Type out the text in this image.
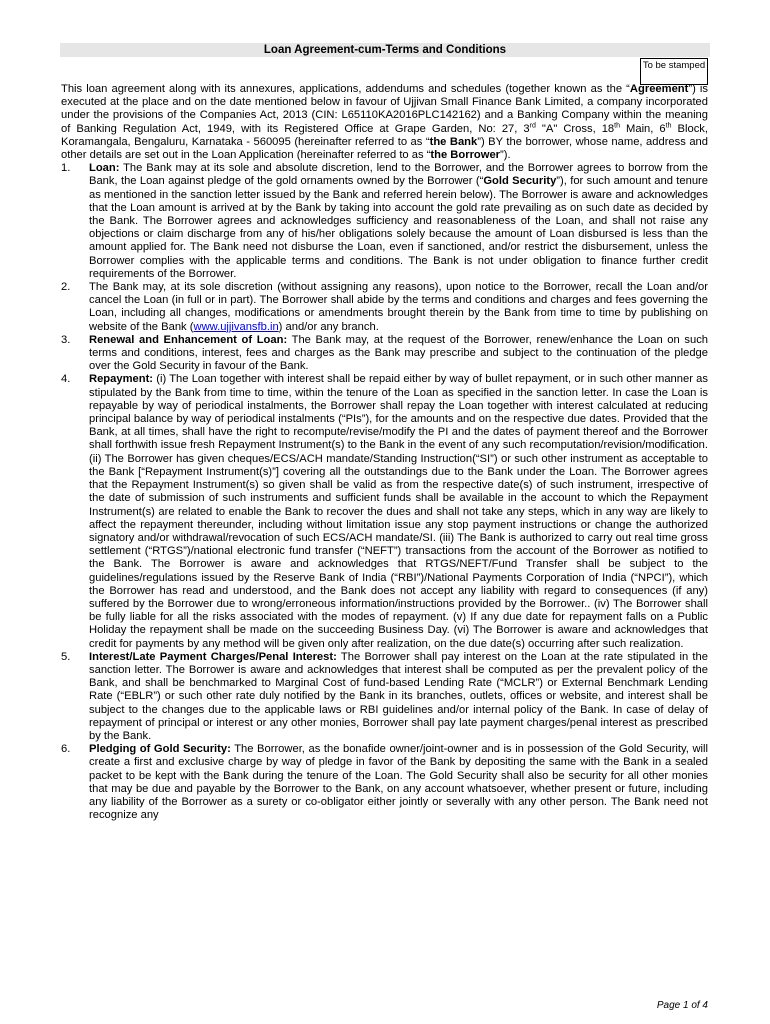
Loan Agreement-cum-Terms and Conditions
To be stamped

This loan agreement along with its annexures, applications, addendums and schedules (together known as the “Agreement”) is executed at the place and on the date mentioned below in favour of Ujjivan Small Finance Bank Limited, a company incorporated under the provisions of the Companies Act, 2013 (CIN: L65110KA2016PLC142162) and a Banking Company within the meaning of Banking Regulation Act, 1949, with its Registered Office at Grape Garden, No: 27, 3rd "A" Cross, 18th Main, 6th Block, Koramangala, Bengaluru, Karnataka - 560095 (hereinafter referred to as “the Bank”) BY the borrower, whose name, address and other details are set out in the Loan Application (hereinafter referred to as “the Borrower”).

1. Loan: The Bank may at its sole and absolute discretion, lend to the Borrower, and the Borrower agrees to borrow from the Bank, the Loan against pledge of the gold ornaments owned by the Borrower (“Gold Security”), for such amount and tenure as mentioned in the sanction letter issued by the Bank and referred herein below). The Borrower is aware and acknowledges that the Loan amount is arrived at by the Bank by taking into account the gold rate prevailing as on such date as decided by the Bank. The Borrower agrees and acknowledges sufficiency and reasonableness of the Loan, and shall not raise any objections or claim discharge from any of his/her obligations solely because the amount of Loan disbursed is less than the amount applied for. The Bank need not disburse the Loan, even if sanctioned, and/or restrict the disbursement, unless the Borrower complies with the applicable terms and conditions. The Bank is not under obligation to finance further credit requirements of the Borrower.
2. The Bank may, at its sole discretion (without assigning any reasons), upon notice to the Borrower, recall the Loan and/or cancel the Loan (in full or in part). The Borrower shall abide by the terms and conditions and charges and fees governing the Loan, including all changes, modifications or amendments brought therein by the Bank from time to time by publishing on website of the Bank (www.ujjivansfb.in) and/or any branch.
3. Renewal and Enhancement of Loan: The Bank may, at the request of the Borrower, renew/enhance the Loan on such terms and conditions, interest, fees and charges as the Bank may prescribe and subject to the continuation of the pledge over the Gold Security in favour of the Bank.
4. Repayment: (i) The Loan together with interest shall be repaid either by way of bullet repayment, or in such other manner as stipulated by the Bank from time to time, within the tenure of the Loan as specified in the sanction letter. In case the Loan is repayable by way of periodical instalments, the Borrower shall repay the Loan together with interest calculated at reducing principal balance by way of periodical instalments (“PIs”), for the amounts and on the respective due dates. Provided that the Bank, at all times, shall have the right to recompute/revise/modify the PI and the dates of payment thereof and the Borrower shall forthwith issue fresh Repayment Instrument(s) to the Bank in the event of any such recomputation/revision/modification. (ii) The Borrower has given cheques/ECS/ACH mandate/Standing Instruction(“SI”) or such other instrument as acceptable to the Bank [“Repayment Instrument(s)”] covering all the outstandings due to the Bank under the Loan. The Borrower agrees that the Repayment Instrument(s) so given shall be valid as from the respective date(s) of such instrument, irrespective of the date of submission of such instruments and sufficient funds shall be available in the account to which the Repayment Instrument(s) are related to enable the Bank to recover the dues and shall not take any steps, which in any way are likely to affect the repayment thereunder, including without limitation issue any stop payment instructions or change the authorized signatory and/or withdrawal/revocation of such ECS/ACH mandate/SI. (iii) The Bank is authorized to carry out real time gross settlement (“RTGS”)/national electronic fund transfer (“NEFT”) transactions from the account of the Borrower as notified to the Bank. The Borrower is aware and acknowledges that RTGS/NEFT/Fund Transfer shall be subject to the guidelines/regulations issued by the Reserve Bank of India (“RBI”)/National Payments Corporation of India (“NPCI”), which the Borrower has read and understood, and the Bank does not accept any liability with regard to consequences (if any) suffered by the Borrower due to wrong/erroneous information/instructions provided by the Borrower.. (iv) The Borrower shall be fully liable for all the risks associated with the modes of repayment. (v) If any due date for repayment falls on a Public Holiday the repayment shall be made on the succeeding Business Day. (vi) The Borrower is aware and acknowledges that credit for payments by any method will be given only after realization, on the due date(s) occurring after such realization.
5. Interest/Late Payment Charges/Penal Interest: The Borrower shall pay interest on the Loan at the rate stipulated in the sanction letter. The Borrower is aware and acknowledges that interest shall be computed as per the prevalent policy of the Bank, and shall be benchmarked to Marginal Cost of fund-based Lending Rate (“MCLR”) or External Benchmark Lending Rate (“EBLR”) or such other rate duly notified by the Bank in its branches, outlets, offices or website, and interest shall be subject to the changes due to the applicable laws or RBI guidelines and/or internal policy of the Bank. In case of delay of repayment of principal or interest or any other monies, Borrower shall pay late payment charges/penal interest as prescribed by the Bank.
6. Pledging of Gold Security: The Borrower, as the bonafide owner/joint-owner and is in possession of the Gold Security, will create a first and exclusive charge by way of pledge in favor of the Bank by depositing the same with the Bank in a sealed packet to be kept with the Bank during the tenure of the Loan. The Gold Security shall also be security for all other monies that may be due and payable by the Borrower to the Bank, on any account whatsoever, whether present or future, including any liability of the Borrower as a surety or co-obligator either jointly or severally with any other person. The Bank need not recognize any
Page 1 of 4
